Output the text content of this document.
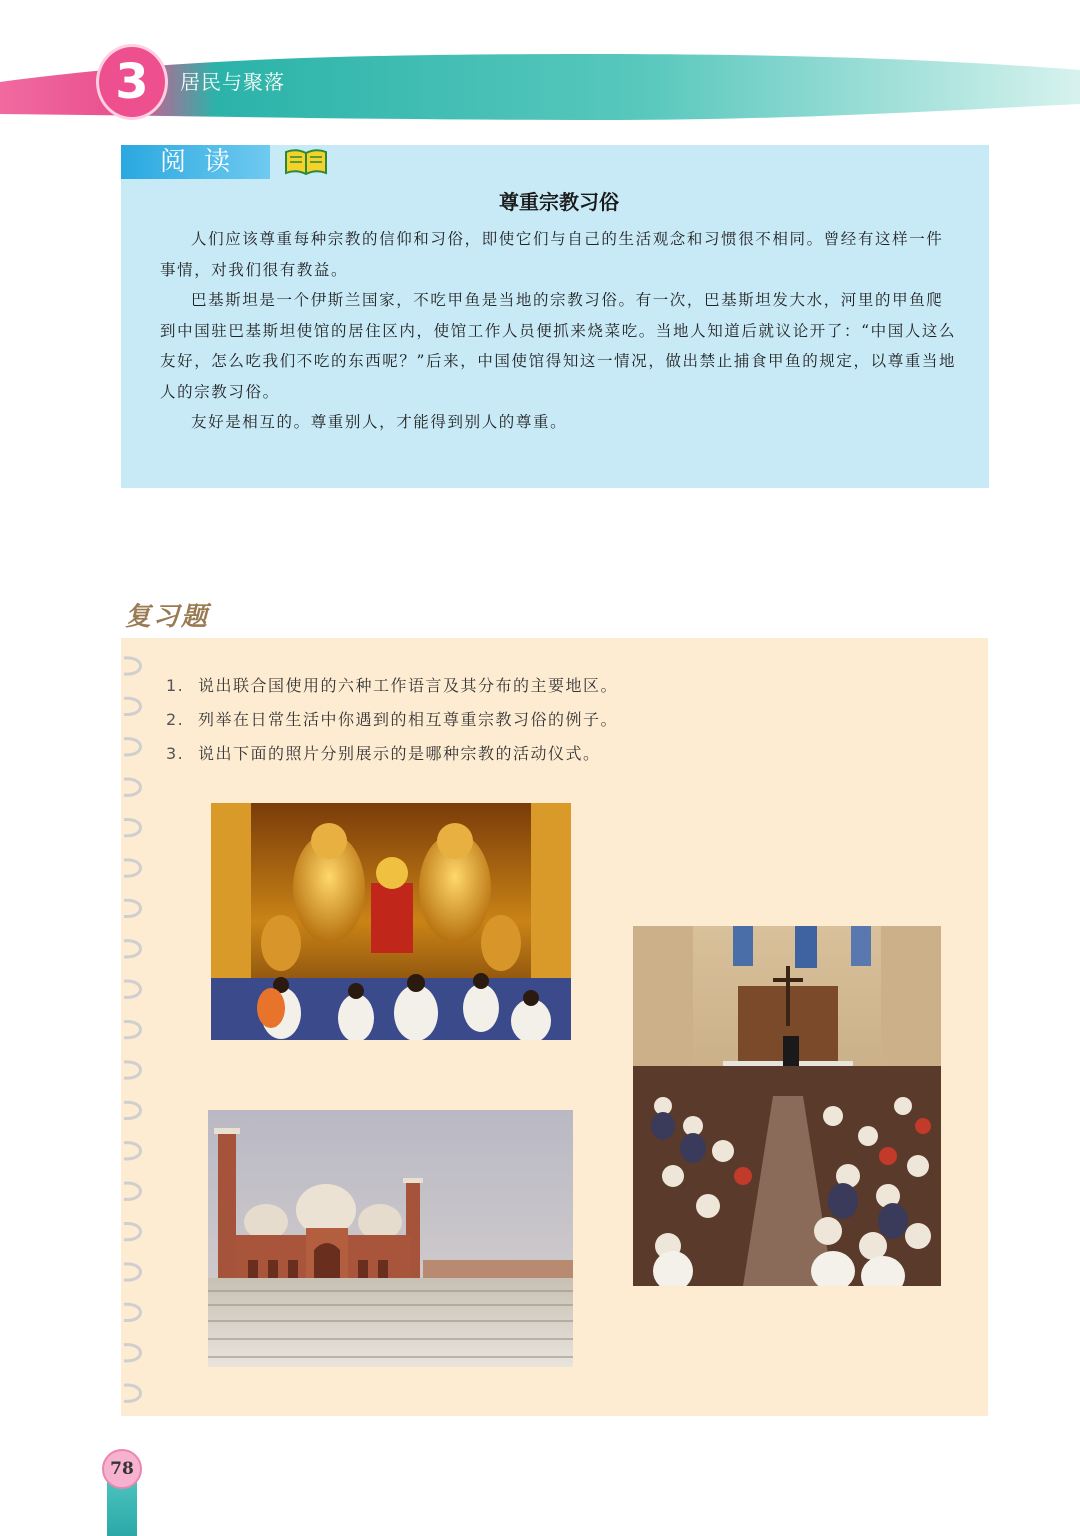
3 居民与聚落
阅读
尊重宗教习俗

人们应该尊重每种宗教的信仰和习俗，即使它们与自己的生活观念和习惯很不相同。曾经有这样一件事情，对我们很有教益。

巴基斯坦是一个伊斯兰国家，不吃甲鱼是当地的宗教习俗。有一次，巴基斯坦发大水，河里的甲鱼爬到中国驻巴基斯坦使馆的居住区内，使馆工作人员便抓来烧菜吃。当地人知道后就议论开了：“中国人这么友好，怎么吃我们不吃的东西呢？”后来，中国使馆得知这一情况，做出禁止捕食甲鱼的规定，以尊重当地人的宗教习俗。

友好是相互的。尊重别人，才能得到别人的尊重。

复习题
1. 说出联合国使用的六种工作语言及其分布的主要地区。
2. 列举在日常生活中你遇到的相互尊重宗教习俗的例子。
3. 说出下面的照片分别展示的是哪种宗教的活动仪式。
78
